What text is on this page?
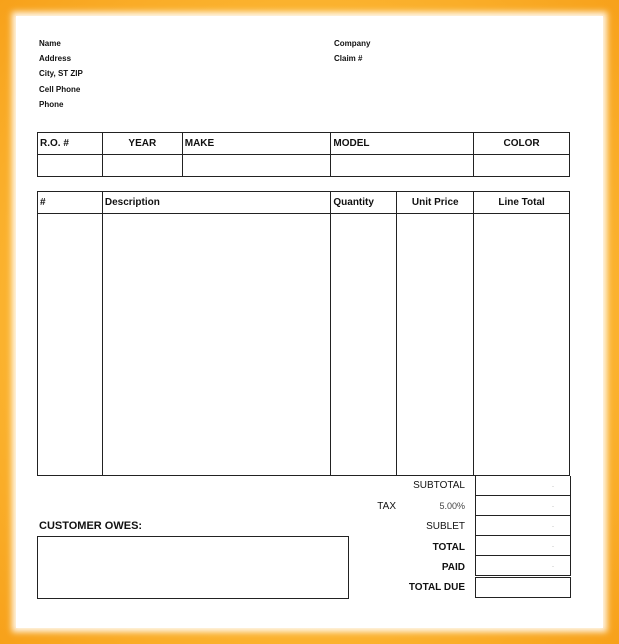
Name
Address
City, ST ZIP
Cell Phone
Phone
Company
Claim #
R.O. #	YEAR	MAKE	MODEL	COLOR

#	Description	Quantity	Unit Price	Line Total

SUBTOTAL	-
TAX	5.00%	-
SUBLET	-
TOTAL	-
PAID	-
TOTAL DUE
CUSTOMER OWES:
